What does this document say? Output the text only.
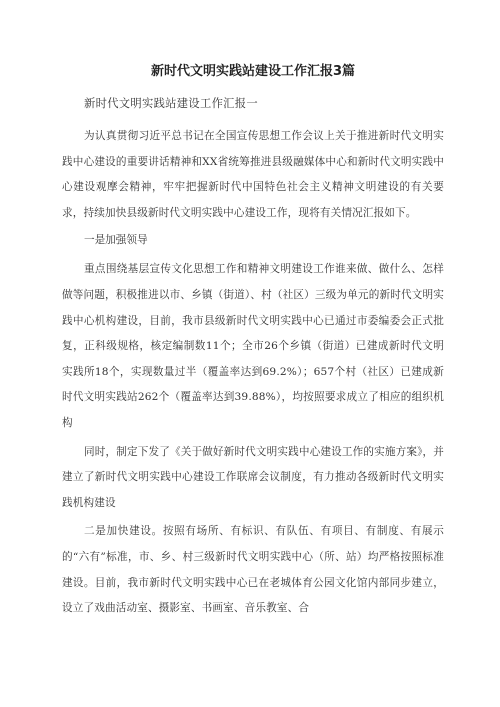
新时代文明实践站建设工作汇报3篇
新时代文明实践站建设工作汇报一

为认真贯彻习近平总书记在全国宣传思想工作会议上关于推进新时代文明实践中心建设的重要讲话精神和XX省统筹推进县级融媒体中心和新时代文明实践中心建设观摩会精神，牢牢把握新时代中国特色社会主义精神文明建设的有关要求，持续加快县级新时代文明实践中心建设工作，现将有关情况汇报如下。

一是加强领导

重点围绕基层宣传文化思想工作和精神文明建设工作谁来做、做什么、怎样做等问题，积极推进以市、乡镇（街道）、村（社区）三级为单元的新时代文明实践中心机构建设，目前，我市县级新时代文明实践中心已通过市委编委会正式批复，正科级规格，核定编制数11个；全市26个乡镇（街道）已建成新时代文明实践所18个，实现数量过半（覆盖率达到69.2%）；657个村（社区）已建成新时代文明实践站262个（覆盖率达到39.88%），均按照要求成立了相应的组织机构

同时，制定下发了《关于做好新时代文明实践中心建设工作的实施方案》，并建立了新时代文明实践中心建设工作联席会议制度，有力推动各级新时代文明实践机构建设

二是加快建设。按照有场所、有标识、有队伍、有项目、有制度、有展示的“六有”标准，市、乡、村三级新时代文明实践中心（所、站）均严格按照标准建设。目前，我市新时代文明实践中心已在老城体育公园文化馆内部同步建立，设立了戏曲活动室、摄影室、书画室、音乐教室、合
